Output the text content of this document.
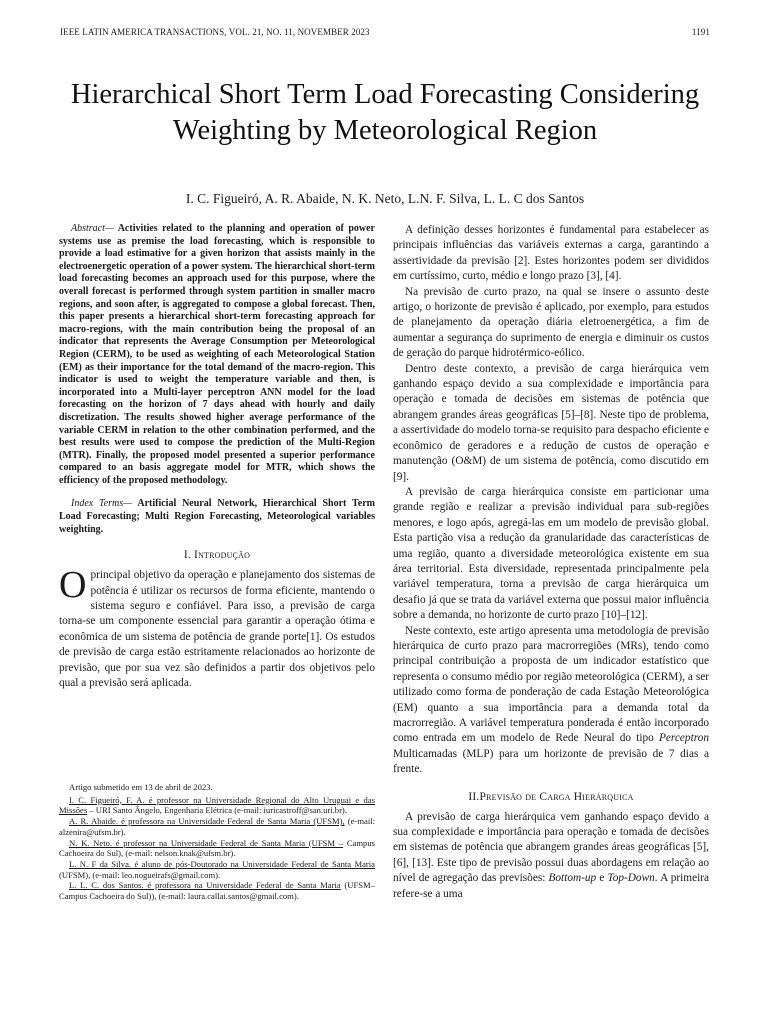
IEEE LATIN AMERICA TRANSACTIONS, VOL. 21, NO. 11, NOVEMBER 2023	1191
Hierarchical Short Term Load Forecasting Considering Weighting by Meteorological Region
I. C. Figueiró, A. R. Abaide, N. K. Neto, L.N. F. Silva, L. L. C dos Santos

Abstract— Activities related to the planning and operation of power systems use as premise the load forecasting, which is responsible to provide a load estimative for a given horizon that assists mainly in the electroenergetic operation of a power system. The hierarchical short-term load forecasting becomes an approach used for this purpose, where the overall forecast is performed through system partition in smaller macro regions, and soon after, is aggregated to compose a global forecast. Then, this paper presents a hierarchical short-term forecasting approach for macro-regions, with the main contribution being the proposal of an indicator that represents the Average Consumption per Meteorological Region (CERM), to be used as weighting of each Meteorological Station (EM) as their importance for the total demand of the macro-region. This indicator is used to weight the temperature variable and then, is incorporated into a Multi-layer perceptron ANN model for the load forecasting on the horizon of 7 days ahead with hourly and daily discretization. The results showed higher average performance of the variable CERM in relation to the other combination performed, and the best results were used to compose the prediction of the Multi-Region (MTR). Finally, the proposed model presented a superior performance compared to an basis aggregate model for MTR, which shows the efficiency of the proposed methodology.

Index Terms— Artificial Neural Network, Hierarchical Short Term Load Forecasting; Multi Region Forecasting, Meteorological variables weighting.

I. Introdução

Oprincipal objetivo da operação e planejamento dos sistemas de potência é utilizar os recursos de forma eficiente, mantendo o sistema seguro e confiável. Para isso, a previsão de carga torna-se um componente essencial para garantir a operação ótima e econômica de um sistema de potência de grande porte[1]. Os estudos de previsão de carga estão estritamente relacionados ao horizonte de previsão, que por sua vez são definidos a partir dos objetivos pelo qual a previsão será aplicada.

Artigo submetido em 13 de abril de 2023.

I. C. Figueiró, F. A. é professor na Universidade Regional do Alto Uruguai e das Missões – URI Santo Ângelo, Engenharia Elétrica (e-mail: iuricastroff@san.uri.br).

A. R. Abaide. é professora na Universidade Federal de Santa Maria (UFSM), (e-mail: alzenira@ufsm.br).

N. K. Neto. é professor na Universidade Federal de Santa Maria (UFSM – Campus Cachoeira do Sul), (e-mail: nelson.knak@ufsm.br).

L. N. F da Silva. é aluno de pós-Doutorado na Universidade Federal de Santa Maria (UFSM), (e-mail: leo.nogueirafs@gmail.com).

L. L. C. dos Santos. é professora na Universidade Federal de Santa Maria (UFSM– Campus Cachoeira do Sul)), (e-mail: laura.callai.santos@gmail.com).

A definição desses horizontes é fundamental para estabelecer as principais influências das variáveis externas a carga, garantindo a assertividade da previsão [2]. Estes horizontes podem ser divididos em curtíssimo, curto, médio e longo prazo [3], [4].

Na previsão de curto prazo, na qual se insere o assunto deste artigo, o horizonte de previsão é aplicado, por exemplo, para estudos de planejamento da operação diária eletroenergética, a fim de aumentar a segurança do suprimento de energia e diminuir os custos de geração do parque hidrotérmico-eólico.

Dentro deste contexto, a previsão de carga hierárquica vem ganhando espaço devido a sua complexidade e importância para operação e tomada de decisões em sistemas de potência que abrangem grandes áreas geográficas [5]–[8]. Neste tipo de problema, a assertividade do modelo torna-se requisito para despacho eficiente e econômico de geradores e a redução de custos de operação e manutenção (O&M) de um sistema de potência, como discutido em [9].

A previsão de carga hierárquica consiste em particionar uma grande região e realizar a previsão individual para sub-regiões menores, e logo após, agregá-las em um modelo de previsão global. Esta partição visa a redução da granularidade das características de uma região, quanto a diversidade meteorológica existente em sua área territorial. Esta diversidade, representada principalmente pela variável temperatura, torna a previsão de carga hierárquica um desafio já que se trata da variável externa que possui maior influência sobre a demanda, no horizonte de curto prazo [10]–[12].

Neste contexto, este artigo apresenta uma metodologia de previsão hierárquica de curto prazo para macrorregiões (MRs), tendo como principal contribuição a proposta de um indicador estatístico que representa o consumo médio por região meteorológica (CERM), a ser utilizado como forma de ponderação de cada Estação Meteorológica (EM) quanto a sua importância para a demanda total da macrorregião. A variável temperatura ponderada é então incorporado como entrada em um modelo de Rede Neural do tipo Perceptron Multicamadas (MLP) para um horizonte de previsão de 7 dias a frente.

II.Previsão de Carga Hierárquica

A previsão de carga hierárquica vem ganhando espaço devido a sua complexidade e importância para operação e tomada de decisões em sistemas de potência que abrangem grandes áreas geográficas [5], [6], [13]. Este tipo de previsão possui duas abordagens em relação ao nível de agregação das previsões: Bottom-up e Top-Down. A primeira refere-se a uma
